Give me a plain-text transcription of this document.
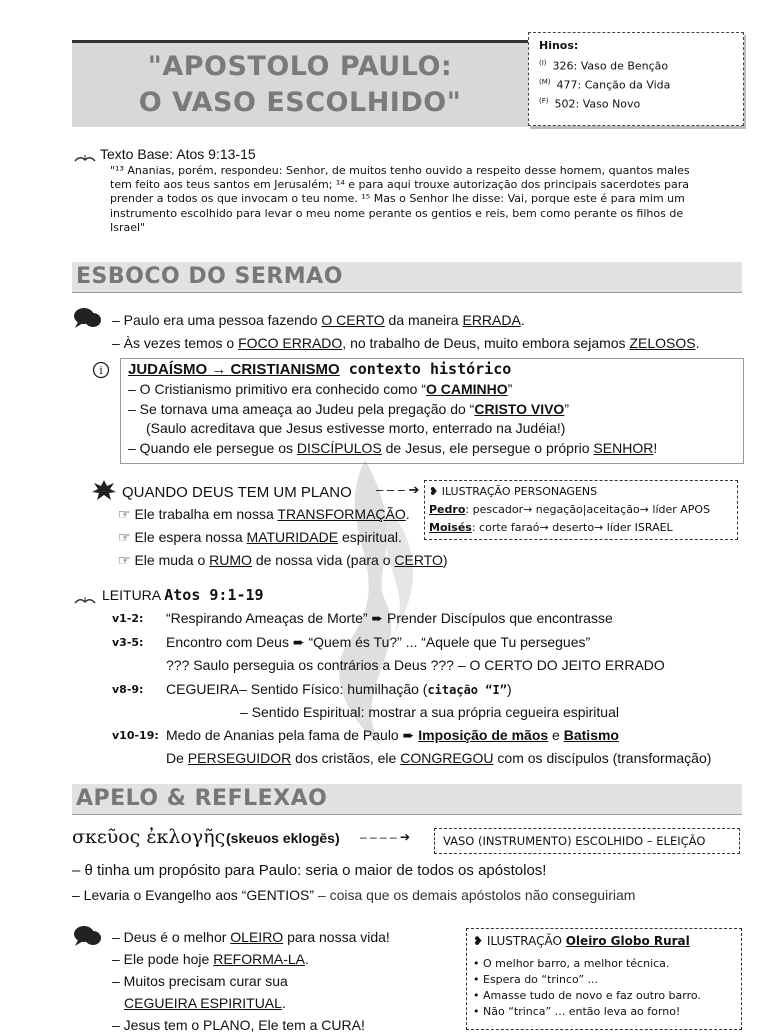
"APOSTOLO PAULO:
O VASO ESCOLHIDO"
Hinos:
$^{(I)}$ 326: Vaso de Benção
$^{(M)}$ 477: Canção da Vida
$^{(F)}$ 502: Vaso Novo
Texto Base: Atos 9:13-15
"¹³ Ananias, porém, respondeu: Senhor, de muitos tenho ouvido a respeito desse homem, quantos males
tem feito aos teus santos em Jerusalém; ¹⁴ e para aqui trouxe autorização dos principais sacerdotes para
prender a todos os que invocam o teu nome. ¹⁵ Mas o Senhor lhe disse: Vai, porque este é para mim um
instrumento escolhido para levar o meu nome perante os gentios e reis, bem como perante os filhos de
Israel"
ESBOCO DO SERMAO
– Paulo era uma pessoa fazendo O CERTO da maneira ERRADA.
– Às vezes temos o FOCO ERRADO, no trabalho de Deus, muito embora sejamos ZELOSOS.
i JUDAÍSMO → CRISTIANISMO contexto histórico
– O Cristianismo primitivo era conhecido como “O CAMINHO”
– Se tornava uma ameaça ao Judeu pela pregação do “CRISTO VIVO”
(Saulo acreditava que Jesus estivesse morto, enterrado na Judéia!)
– Quando ele persegue os DISCÍPULOS de Jesus, ele persegue o próprio SENHOR!
QUANDO DEUS TEM UM PLANO – – – ➔ ❥ ILUSTRAÇÃO PERSONAGENS
Pedro: pescador→ negação|aceitação→ líder APOS
Moisés: corte faraó→ deserto→ líder ISRAEL
☞ Ele trabalha em nossa TRANSFORMAÇÃO.
☞ Ele espera nossa MATURIDADE espiritual.
☞ Ele muda o RUMO de nossa vida (para o CERTO)
LEITURA Atos 9:1-19
v1-2: “Respirando Ameaças de Morte” ➨ Prender Discípulos que encontrasse
v3-5: Encontro com Deus ➨ “Quem és Tu?” ... “Aquele que Tu persegues”
??? Saulo perseguia os contrários a Deus ??? – O CERTO DO JEITO ERRADO
v8-9: CEGUEIRA– Sentido Físico: humilhação (citação “I”)
– Sentido Espiritual: mostrar a sua própria cegueira espiritual
v10-19: Medo de Ananias pela fama de Paulo ➨ Imposição de mãos e Batismo
De PERSEGUIDOR dos cristãos, ele CONGREGOU com os discípulos (transformação)
APELO & REFLEXAO
σκεῦος ἐκλογῆς (skeuos eklogēs) – – – – ➔	VASO (INSTRUMENTO) ESCOLHIDO – ELEIÇÃO
– θ tinha um propósito para Paulo: seria o maior de todos os apóstolos!
– Levaria o Evangelho aos “GENTIOS” – coisa que os demais apóstolos não conseguiriam
– Deus é o melhor OLEIRO para nossa vida!
– Ele pode hoje REFORMA-LA.
– Muitos precisam curar sua
CEGUEIRA ESPIRITUAL.
– Jesus tem o PLANO, Ele tem a CURA!
❥ ILUSTRAÇÃO Oleiro Globo Rural
• O melhor barro, a melhor técnica.
• Espera do “trinco” ...
• Amasse tudo de novo e faz outro barro.
• Não “trinca” ... então leva ao forno!
